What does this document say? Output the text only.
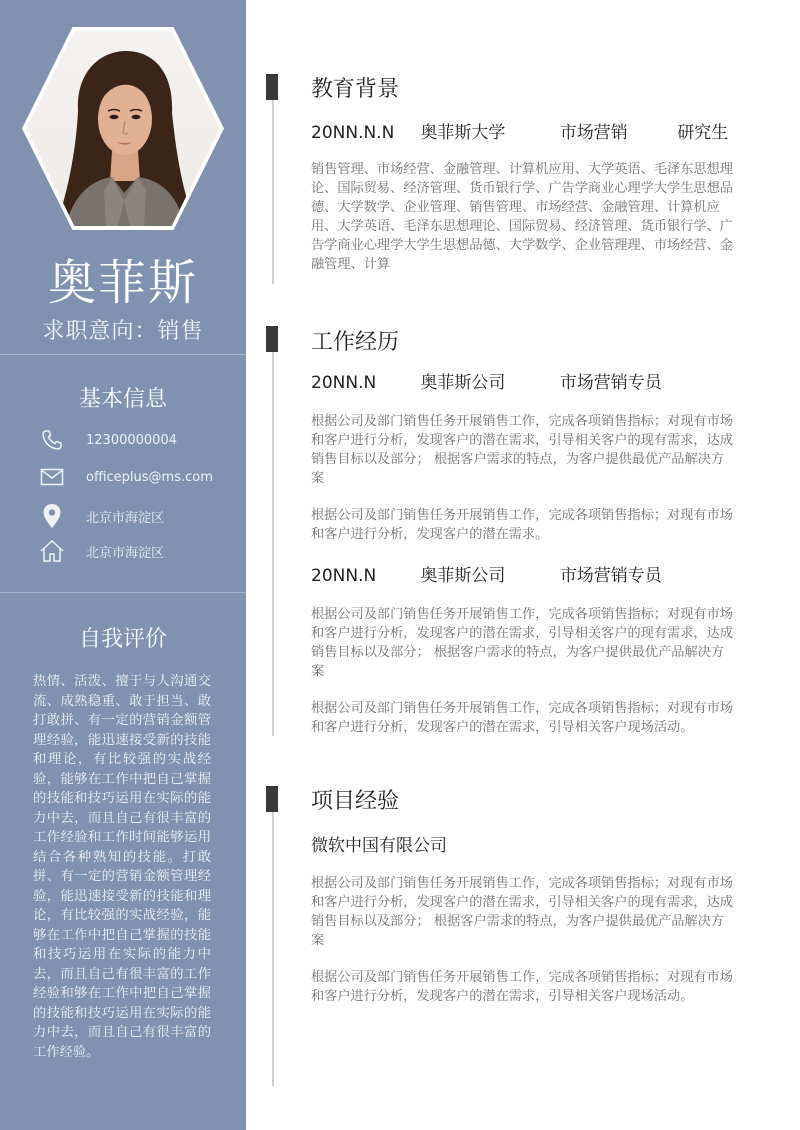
奥菲斯
求职意向：销售
基本信息
12300000004
officeplus@ms.com
北京市海淀区
北京市海淀区
自我评价
热情、活泼、擅于与人沟通交流、成熟稳重、敢于担当、敢打敢拼、有一定的营销金额管理经验，能迅速接受新的技能和理论，有比较强的实战经验，能够在工作中把自己掌握的技能和技巧运用在实际的能力中去，而且自己有很丰富的工作经验和工作时间能够运用结合各种熟知的技能。打敢拼、有一定的营销金额管理经验，能迅速接受新的技能和理论，有比较强的实战经验，能够在工作中把自己掌握的技能和技巧运用在实际的能力中去，而且自己有很丰富的工作经验和够在工作中把自己掌握的技能和技巧运用在实际的能力中去，而且自己有很丰富的工作经验。
教育背景
20NN.N.N 奥菲斯大学	市场营销	研究生
销售管理、市场经营、金融管理、计算机应用、大学英语、毛泽东思想理论、国际贸易、经济管理、货币银行学、广告学商业心理学大学生思想品德、大学数学、企业管理、销售管理、市场经营、金融管理、计算机应用、大学英语、毛泽东思想理论、国际贸易、经济管理、货币银行学、广告学商业心理学大学生思想品德、大学数学、企业管理理、市场经营、金融管理、计算
工作经历
20NN.N	奥菲斯公司	市场营销专员
根据公司及部门销售任务开展销售工作，完成各项销售指标；对现有市场和客户进行分析，发现客户的潜在需求，引导相关客户的现有需求，达成销售目标以及部分； 根据客户需求的特点，为客户提供最优产品解决方案
根据公司及部门销售任务开展销售工作，完成各项销售指标；对现有市场和客户进行分析，发现客户的潜在需求。
20NN.N	奥菲斯公司	市场营销专员
根据公司及部门销售任务开展销售工作，完成各项销售指标；对现有市场和客户进行分析，发现客户的潜在需求，引导相关客户的现有需求，达成销售目标以及部分； 根据客户需求的特点，为客户提供最优产品解决方案
根据公司及部门销售任务开展销售工作，完成各项销售指标；对现有市场和客户进行分析，发现客户的潜在需求，引导相关客户现场活动。
项目经验
微软中国有限公司
根据公司及部门销售任务开展销售工作，完成各项销售指标；对现有市场和客户进行分析，发现客户的潜在需求，引导相关客户的现有需求，达成销售目标以及部分； 根据客户需求的特点，为客户提供最优产品解决方案
根据公司及部门销售任务开展销售工作，完成各项销售指标；对现有市场和客户进行分析，发现客户的潜在需求，引导相关客户现场活动。
